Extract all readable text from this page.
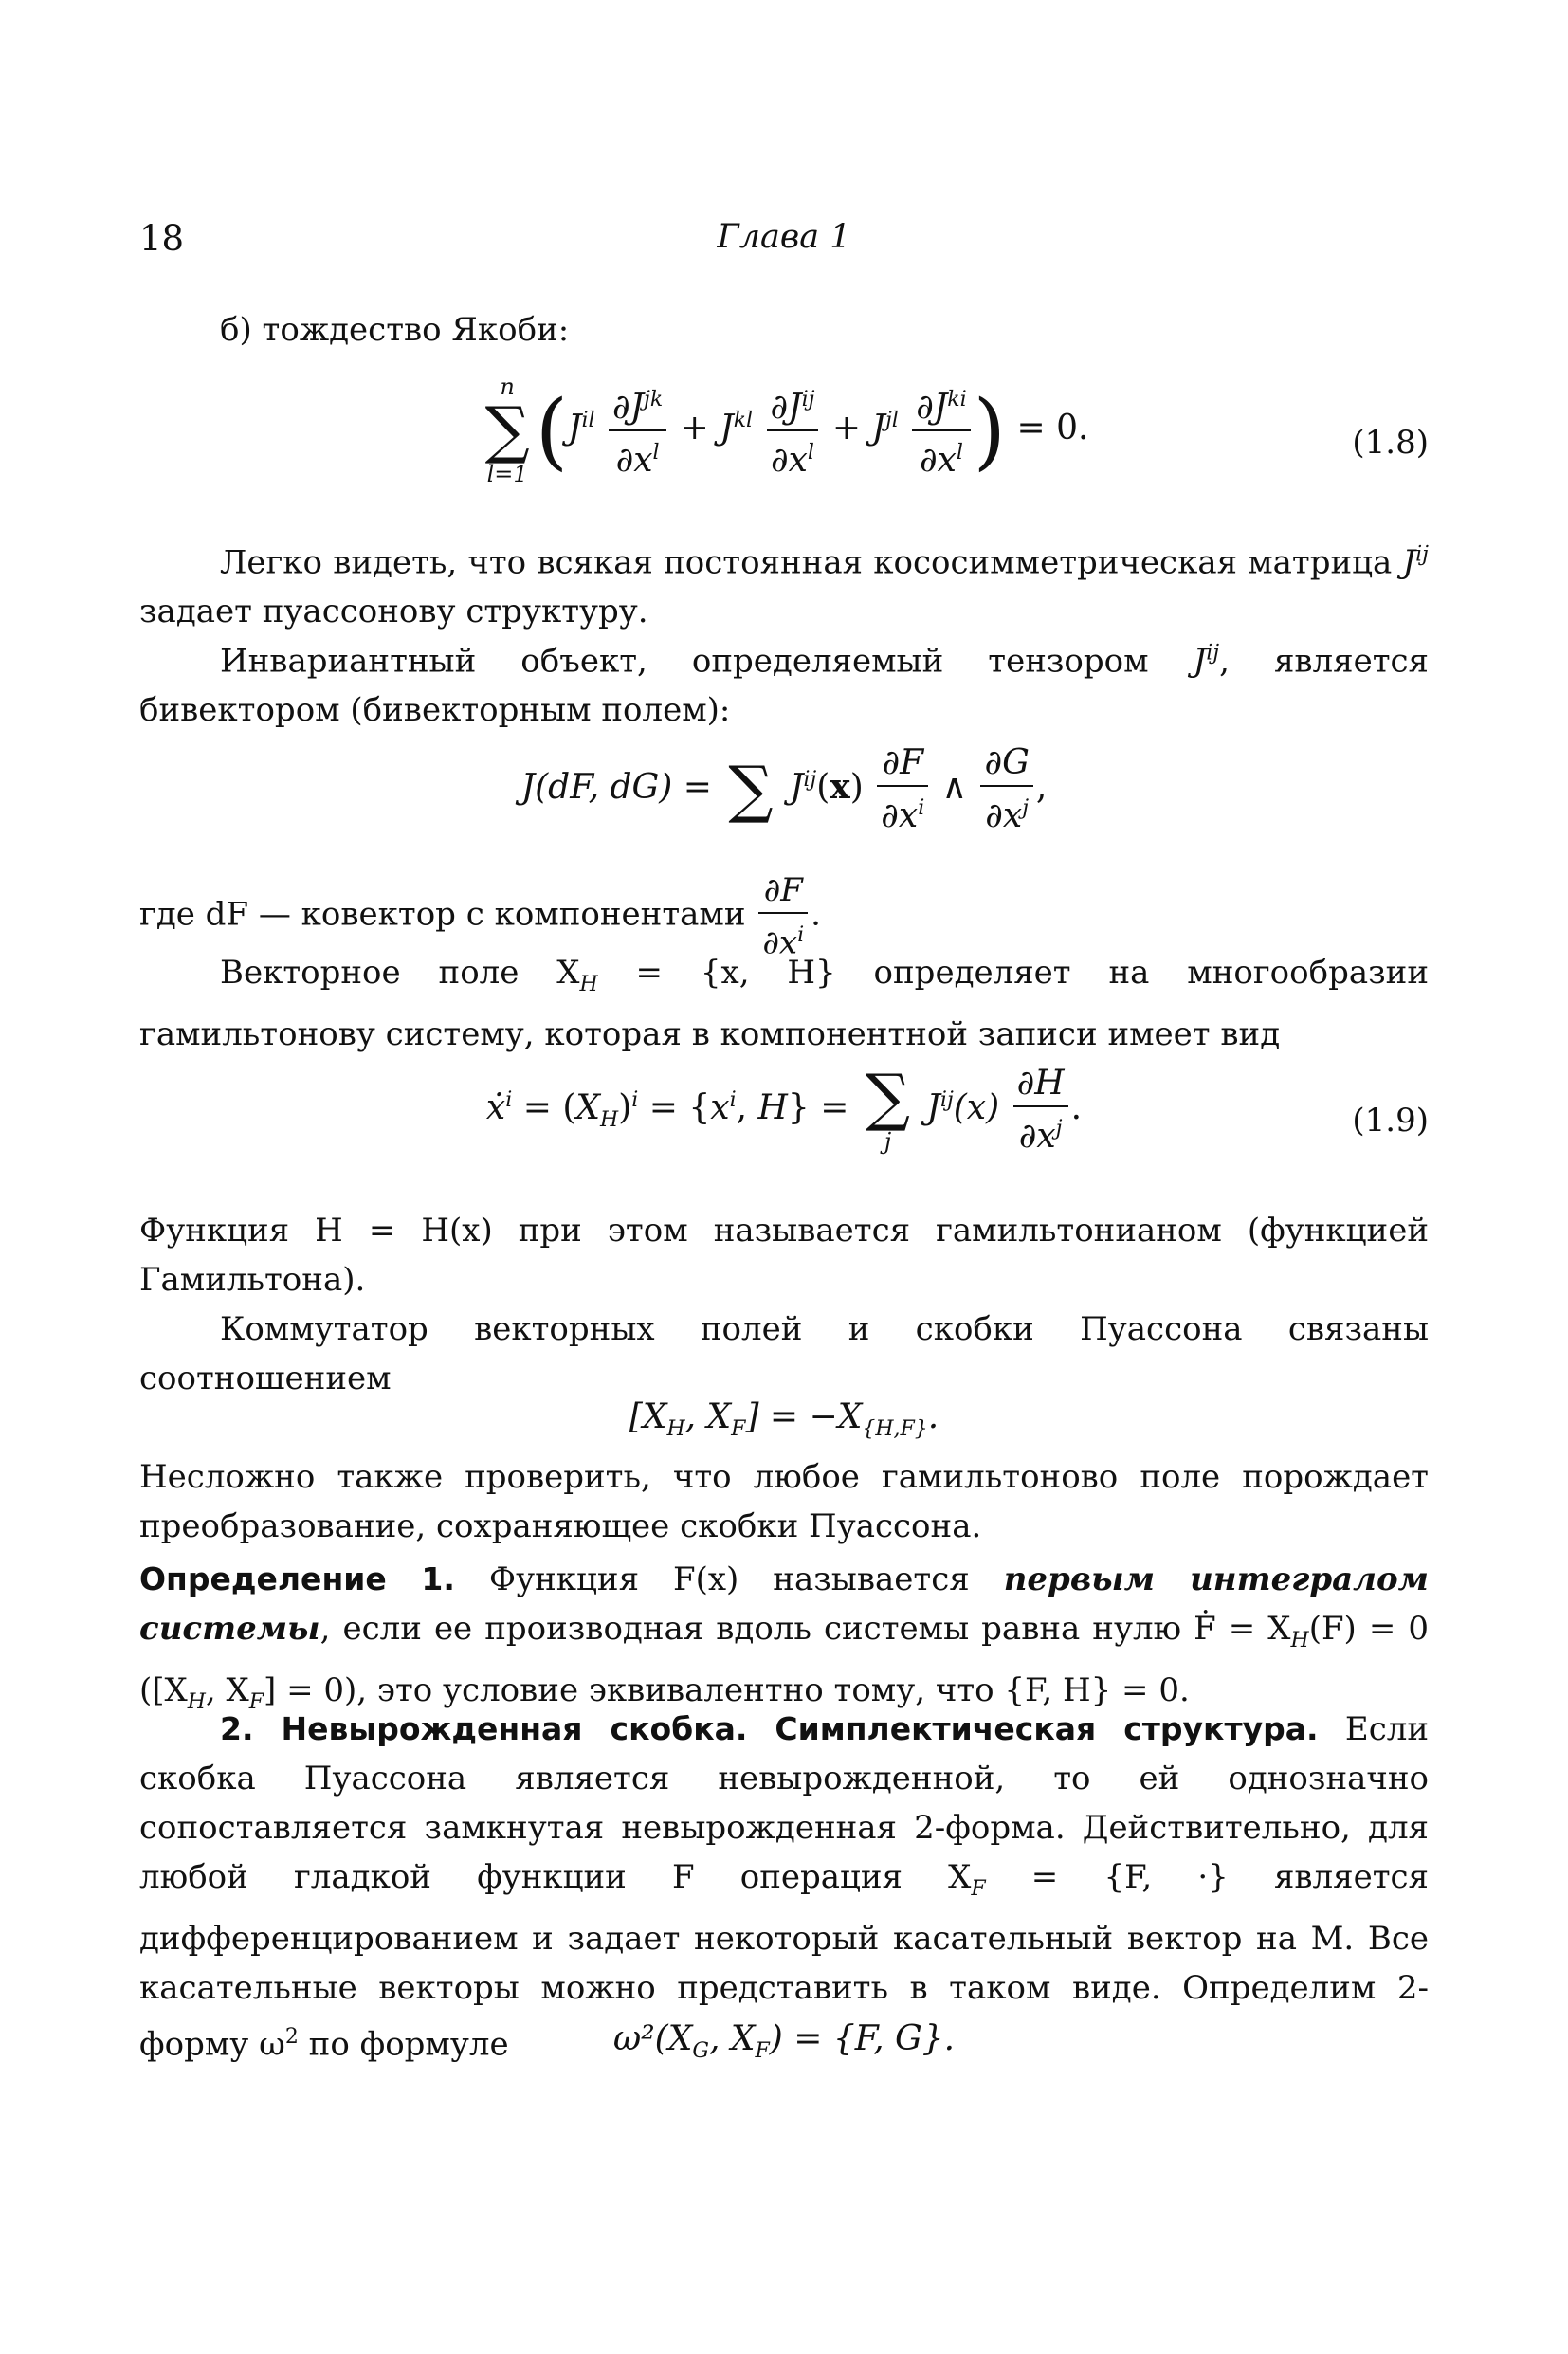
18	Глава 1

б) тождество Якоби:

n
∑
l=1 ($J^{il} \frac{\partial J^{jk}}{\partial x^l} + J^{kl} \frac{\partial J^{ij}}{\partial x^l} + J^{jl} \frac{\partial J^{ki}}{\partial x^l}$ ) = 0.	(1.8)

Легко видеть, что всякая постоянная кососимметрическая матрица $J^{ij}$ задает пуассонову структуру.

Инвариантный объект, определяемый тензором $J^{ij}$, является бивектором (бивекторным полем):

J(dF, dG) = ∑ $J^{ij}(x) \frac{\partial F}{\partial x^i}$ ∧ $\frac{\partial G}{\partial x^j}$ ,

где dF — ковектор с компонентами $\frac{\partial F}{\partial x^i}$ .

Векторное поле $X_H = \{x$, H} определяет на многообразии гамильтонову систему, которая в компонентной записи имеет вид

ẋ$^i$ = $(X_H)^i = \{x^i$, H} = ∑
j
$J^{ij}(x) \frac{\partial H}{\partial x^j}$ .	(1.9)

Функция H = H(x) при этом называется гамильтонианом (функцией Гамильтона).

Коммутатор векторных полей и скобки Пуассона связаны соотношением

[$X_H$, $X_F] = -X_{\{H,F\}}$.

Несложно также проверить, что любое гамильтоново поле порождает преобразование, сохраняющее скобки Пуассона.

Определение 1. Функция F(x) называется первым интегралом системы, если ее производная вдоль системы равна нулю Ḟ = $X_H(F) = 0$ ([$X_H$, $X_F] = 0$), это условие эквивалентно тому, что {F, H} = 0.

2. Невырожденная скобка. Симплектическая структура. Если скобка Пуассона является невырожденной, то ей однозначно сопоставляется замкнутая невырожденная 2-форма. Действительно, для любой гладкой функции F операция $X_F = \{F$, ·} является дифференцированием и задает некоторый касательный вектор на M. Все касательные векторы можно представить в таком виде. Определим 2-форму $\omega^2$ по формуле	$\omega^2(X_G$, $X_F) = \{F$, G}.
